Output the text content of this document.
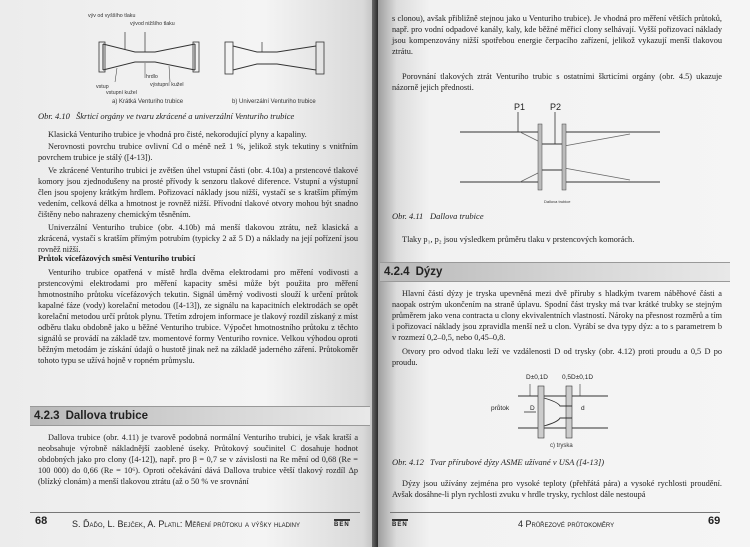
výv od vyššího tlaku
vývod nižšího tlaku
vstup
hrdlo
výstupní kužel
vstupní kužel
a) Krátká Venturiho trubice	b) Univerzální Venturiho trubice

Obr. 4.10 Škrticí orgány ve tvaru zkrácené a univerzální Venturiho trubice

Klasická Venturiho trubice je vhodná pro čisté, nekorodující plyny a kapaliny.

Nerovnosti povrchu trubice ovlivní Cd o méně než 1 %, jelikož styk tekutiny s vnitřním povrchem trubice je stálý ([4-13]).

Ve zkrácené Venturiho trubici je zvětšen úhel vstupní části (obr. 4.10a) a prstencové tlakové komory jsou zjednodušeny na prosté přívody k senzoru tlakové diference. Vstupní a výstupní člen jsou spojeny krátkým hrdlem. Pořizovací náklady jsou nižší, vystačí se s kratším přímým vedením, celková délka a hmotnost je rovněž nižší. Přívodní tlakové otvory mohou být snadno čištěny nebo nahrazeny chemickým těsněním.

Univerzální Venturiho trubice (obr. 4.10b) má menší tlakovou ztrátu, než klasická a zkrácená, vystačí s kratším přímým potrubím (typicky 2 až 5 D) a náklady na její pořízení jsou rovněž nižší.

Průtok vícefázových směsí Venturiho trubicí

Venturiho trubice opatřená v místě hrdla dvěma elektrodami pro měření vodivosti a prstencovými elektrodami pro měření kapacity směsi může být použita pro měření hmotnostního průtoku vícefázových tekutin. Signál úměrný vodivosti slouží k určení průtok kapalné fáze (vody) korelační metodou ([4-13]), ze signálu na kapacitních elektrodách se opět korelační metodou určí průtok plynu. Třetím zdrojem informace je tlakový rozdíl získaný z míst odběru tlaku obdobně jako u běžné Venturiho trubice. Výpočet hmotnostního průtoku z těchto signálů se provádí na základě tzv. momentové formy Venturiho rovnice. Velkou výhodou oproti běžným metodám je získání údajů o hustotě jinak než na základě jaderného záření. Průtokoměr tohoto typu se užívá hojně v ropném průmyslu.

4.2.3 Dallova trubice

Dallova trubice (obr. 4.11) je tvarově podobná normální Venturiho trubici, je však kratší a neobsahuje výrobně nákladnější zaoblené úseky. Průtokový součinitel C dosahuje hodnot obdobných jako pro clony ([4-12]), např. pro β = 0,7 se v závislosti na Re mění od 0,68 (Re = 100 000) do 0,66 (Re = 10⁶). Oproti očekávání dává Dallova trubice větší tlakový rozdíl Δp (blízký clonám) a menší tlakovou ztrátu (až o 50 % ve srovnání

68	S. Ďaďo, L. Bejček, A. Platil: Měření průtoku a výšky hladiny	BEN

s clonou), avšak přibližně stejnou jako u Venturiho trubice). Je vhodná pro měření větších průtoků, např. pro vodní odpadové kanály, kaly, kde běžné měřicí clony selhávají. Vyšší pořizovací náklady jsou kompenzovány nižší spotřebou energie čerpacího zařízení, jelikož vykazují menší tlakovou ztrátu.

Porovnání tlakových ztrát Venturiho trubic s ostatními škrticími orgány (obr. 4.5) ukazuje názorně jejich přednosti.

P1	P2
Dallova trubice

Obr. 4.11 Dallova trubice

Tlaky p₁, p₂ jsou výsledkem průměru tlaku v prstencových komorách.

4.2.4 Dýzy

Hlavní částí dýzy je tryska upevněná mezi dvě příruby s hladkým tvarem náběhové části a naopak ostrým ukončením na straně úplavu. Spodní část trysky má tvar krátké trubky se stejným průměrem jako vena contracta u clony ekvivalentních vlastností. Nároky na přesnost rozměrů a tím i pořizovací náklady jsou zpravidla menší než u clon. Vyrábí se dva typy dýz: a to s parametrem b v rozmezí 0,2–0,5, nebo 0,45–0,8.

Otvory pro odvod tlaku leží ve vzdálenosti D od trysky (obr. 4.12) proti proudu a 0,5 D po proudu.

D±0,1D 0,5D±0,1D
průtok	D	d
c) tryska

Obr. 4.12 Tvar přírubové dýzy ASME užívané v USA ([4-13])

Dýzy jsou užívány zejména pro vysoké teploty (přehřátá pára) a vysoké rychlosti proudění. Avšak dosáhne-li plyn rychlosti zvuku v hrdle trysky, rychlost dále nestoupá

BEN	4 Průřezové průtokoměry	69
